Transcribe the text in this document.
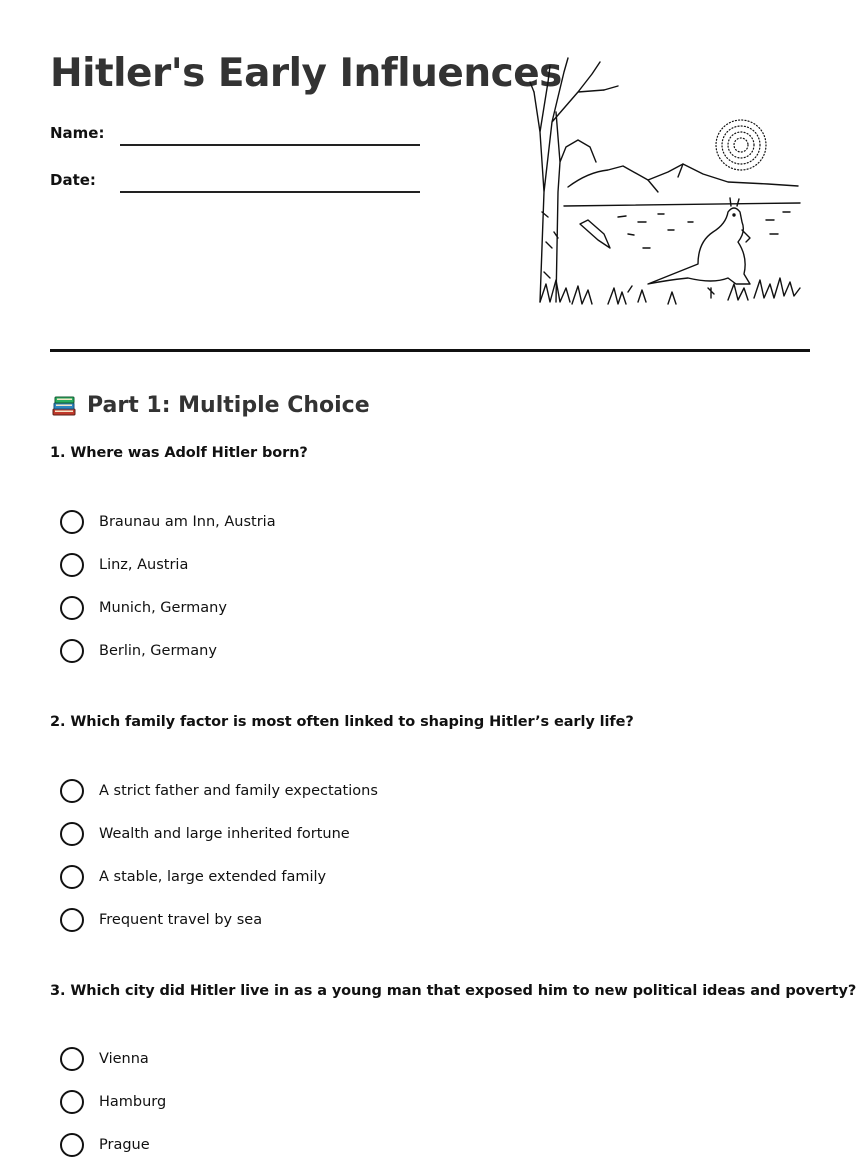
Hitler's Early Influences
Name:
Date:
Part 1: Multiple Choice
1. Where was Adolf Hitler born?
Braunau am Inn, Austria
Linz, Austria
Munich, Germany
Berlin, Germany
2. Which family factor is most often linked to shaping Hitler’s early life?
A strict father and family expectations
Wealth and large inherited fortune
A stable, large extended family
Frequent travel by sea
3. Which city did Hitler live in as a young man that exposed him to new political ideas and poverty?
Vienna
Hamburg
Prague
